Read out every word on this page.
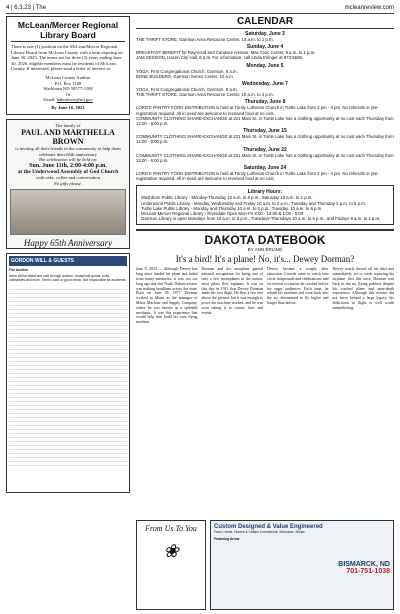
4 | 6.3.23 | The	mcleanreview.com
McLean/Mercer Regional Library Board

There is one (1) position on the McLean/Mercer Regional Library Board from McLean County with a term expiring on June 30, 2023. The terms are for three (3) years ending June 30, 2026, eligible members must be residents of McLean County. If interested, please send a letter of interest to:

McLean County Auditor
P.O. Box 1108
Washburn ND 58577-1108
Or
Email: bakruhson@nd.gov
By June 16, 2023
The family of
PAUL AND MARTHELLA BROWN
is inviting all their friends in the community to help them celebrate their 65th anniversary
The celebration will be held on:
Sun. June 11th, 2:00-4:00 p.m.
at the Underwood Assembly of God Church
with cake, coffee and conversation
No gifts please.
Happy 65th Anniversary
GORDON WILL & GUESTS
Fun Auction

Items will be listed and sold through auction. Household goods, tools, collectibles and more. Terms: cash or good check. Not responsible for accidents.

CALENDAR
Saturday, June 3
THE THRIFT STORE, Garrison Area Resource Center, 10 a.m. to 1 p.m.
Sunday, June 4
BREAKFAST BENEFIT for Raymond and Candace Iverson, Max Civic Center, 9 a.m. to 1 p.m.
JAM SESSION, Hazen City Hall, 6 p.m. For information, call Linda Erlinger at 873-5695.
Monday, June 5
YOGA, First Congregational Church, Garrison, 8 a.m.
BONE BUILDERS, Garrison Senior Center, 10 a.m.
Wednesday, June 7
YOGA, First Congregational Church, Garrison, 8 a.m.
THE THRIFT STORE, Garrison Area Resource Center, 10 a.m. to 4 p.m.
Thursday, June 8
LORD'S PANTRY FOOD DISTRIBUTION is held at Trinity Lutheran Church in Turtle Lake from 2 pm - 4 pm. No referrals or pre-registration required. All in need are welcome to received food at no cost.
COMMUNITY CLOTHING SHARE-EXCHANGE at 221 Main St. in Turtle Lake has a clothing opportunity at no cost each Thursday from 12:00 - 6:00 p.m.
Thursday, June 15
COMMUNITY CLOTHING SHARE-EXCHANGE at 221 Main St. in Turtle Lake has a clothing opportunity at no cost each Thursday from 12:00 - 6:00 p.m.
Thursday, June 22
COMMUNITY CLOTHING SHARE-EXCHANGE at 221 Main St. in Turtle Lake has a clothing opportunity at no cost each Thursday from 12:00 - 6:00 p.m.
Saturday, June 24
LORD'S PANTRY FOOD DISTRIBUTION is held at Trinity Lutheran Church in Turtle Lake from 2 pm - 4 pm. No referrals or pre-registration required. All in need are welcome to received food at no cost.
Library Hours:
Washburn Public Library - Monday-Thursday 10 a.m. to 6 p.m., Saturday 10 a.m. to 1 p.m.
Underwood Public Library - Monday, Wednesday and Friday 10 a.m. to 2 p.m., Tuesday and Thursday 2 p.m. to 6 p.m.
Turtle Lake Public Library - Monday and Thursday 10 a.m. to 5 p.m.; Tuesday, 10 a.m. to 6 p.m.
McLean-Mercer Regional Library - Riverdale Open Mon-Fri 8:00 - 12:00 & 1:00 - 5:00
Garrison Library is open Mondays from 10 a.m. to 5 p.m., Tuesdays-Thursdays 10 a.m. to 6 p.m., and Fridays 8 a.m. to 1 p.m.
DAKOTA DATEBOOK
BY ANN ERLING
It's a bird! It's a plane! No, it's... Dewey Dorman?

June 9, 2023 — Although Dewey has long since landed his plane and faded from many memories, it was not too long ago that this North Dakota aviator was making headlines across the state. Born on June 29, 1877, Dorman worked in Minot as the manager of Minot Machine and Supply Company, where he was known as a splendid mechanic. It was this experience that would help him build his own flying machine.

Dorman and his aeroplane gained national recognition for being one of only a few monoplanes in the nation; most pilots flew biplanes. It was on this day in 1911 that Dewey Dorman made his first flight. He flew a few feet above the ground, but it was enough to prove the machine worked, and he was soon taking it to county fairs and events.

Dewey became a sought after attraction. Crowds came to watch him circle fairgrounds and celebrations, and on several occasions he crashed before his eager audiences. Each time, he rebuilt his machine and went back into the air, determined to fly higher and longer than before.

Dewey nearly dusted off his shirt and immediately set to work repairing his airplane. Just this once, Dorman was back in the air, flying publicly despite his crashed plane and near-death experience. Although this aviator did not leave behind a large legacy, his dedication to flight is well worth remembering.

From Us To You
❀
Custom Designed & Value Engineered
Farm, Home, Homes & Cabins Commercial, Suburban, Shops
Featuring Arrow
BISMARCK, ND
701-751-1038
